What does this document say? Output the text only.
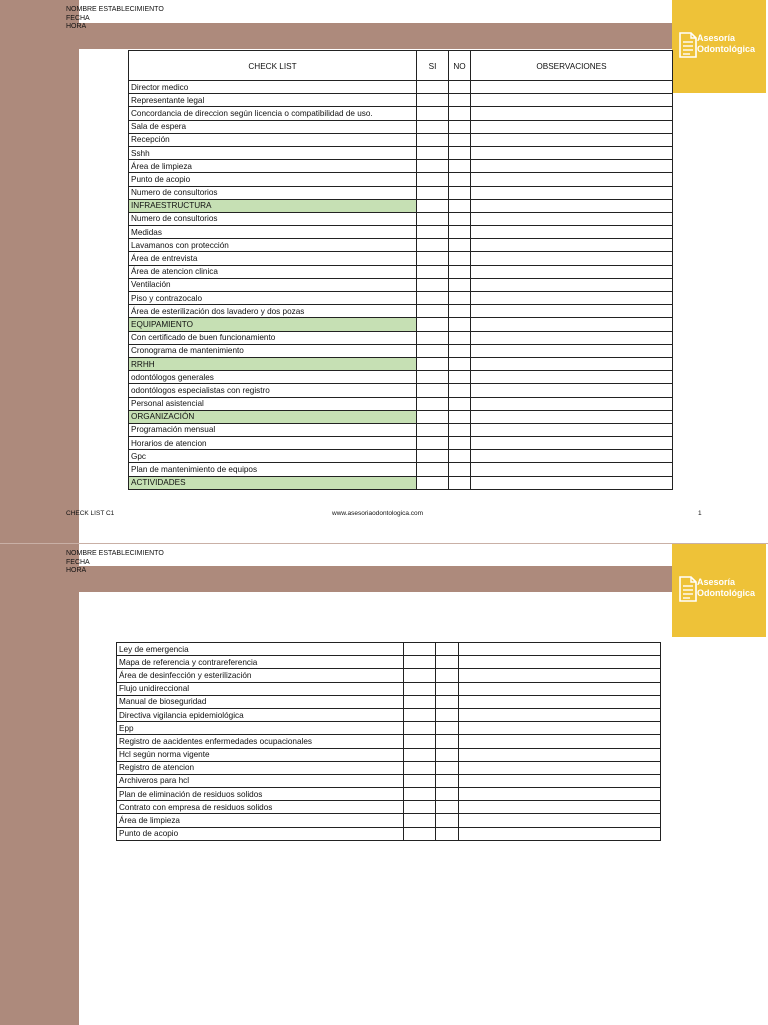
NOMBRE ESTABLECIMIENTO
FECHA
HORA
Asesoría
Odontológica
CHECK LIST	SI	NO	OBSERVACIONES
Director medico			
Representante legal			
Concordancia de direccion según licencia o compatibilidad de uso.			
Sala de espera			
Recepción			
Sshh			
Área de limpieza			
Punto de acopio			
Numero de consultorios			
INFRAESTRUCTURA			
Numero de consultorios			
Medidas			
Lavamanos con protección			
Área de entrevista			
Área de atencion clinica			
Ventilación			
Piso y contrazocalo			
Área de esterilización dos lavadero y dos pozas			
EQUIPAMIENTO			
Con certificado de buen funcionamiento			
Cronograma de mantenimiento			
RRHH			
odontólogos generales			
odontólogos especialistas con registro			
Personal asistencial			
ORGANIZACIÓN			
Programación mensual			
Horarios de atencion			
Gpc			
Plan de mantenimiento de equipos			
ACTIVIDADES			
CHECK LIST C1	www.asesoriaodontologica.com	1
NOMBRE ESTABLECIMIENTO
FECHA
HORA
Asesoría
Odontológica
Ley de emergencia			
Mapa de referencia y contrareferencia			
Área de desinfección y esterilización			
Flujo unidireccional			
Manual de bioseguridad			
Directiva vigilancia epidemiológica			
Epp			
Registro de aacidentes enfermedades ocupacionales			
Hcl según norma vigente			
Registro de atencion			
Archiveros para hcl			
Plan de eliminación de residuos solidos			
Contrato con empresa de residuos solidos			
Área de limpieza			
Punto de acopio			
